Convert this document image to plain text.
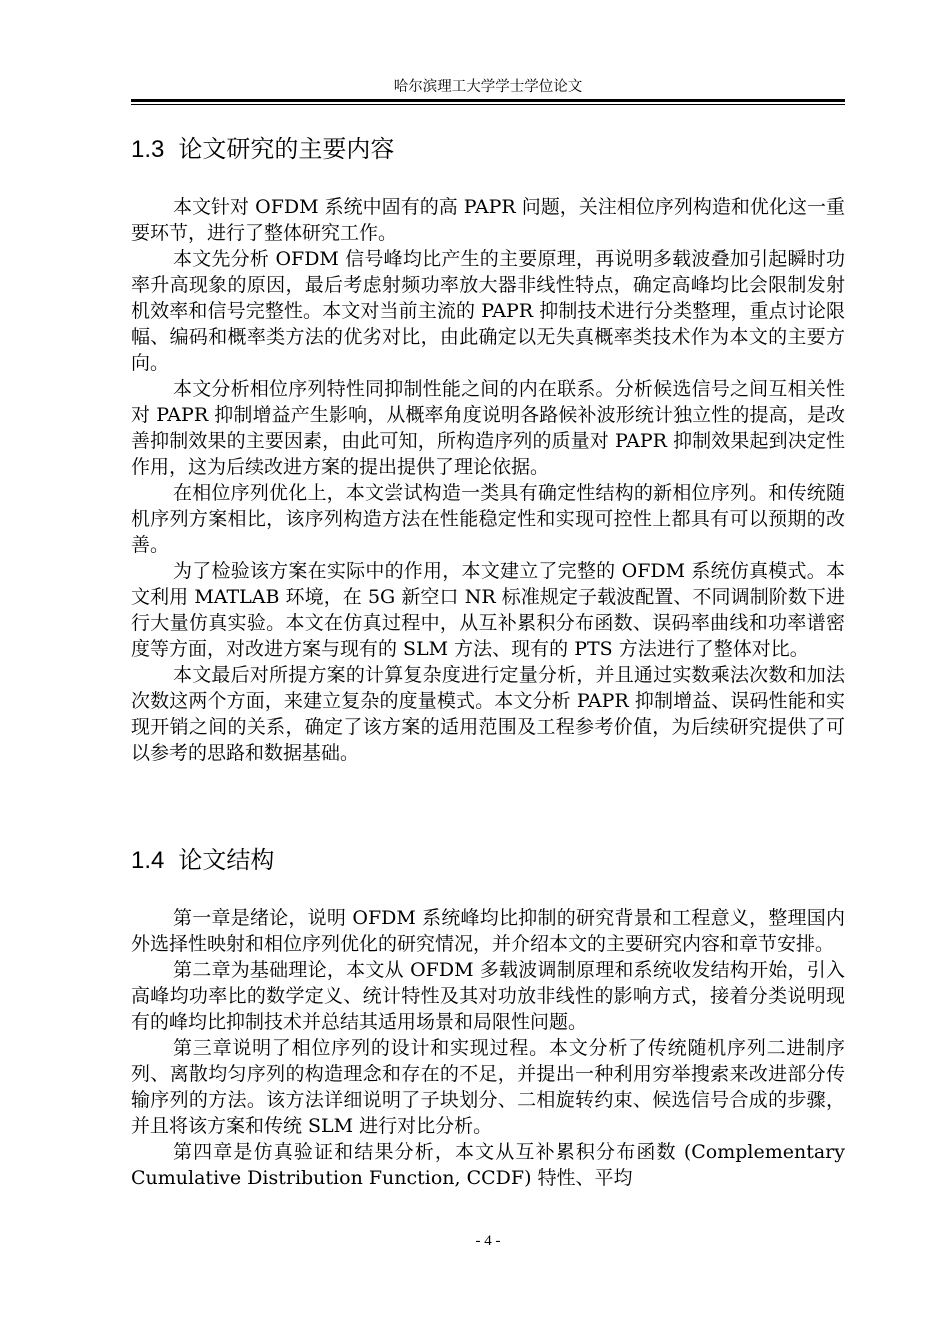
哈尔滨理工大学学士学位论文
1.3 论文研究的主要内容

本文针对 OFDM 系统中固有的高 PAPR 问题，关注相位序列构造和优化这一重要环节，进行了整体研究工作。

本文先分析 OFDM 信号峰均比产生的主要原理，再说明多载波叠加引起瞬时功率升高现象的原因，最后考虑射频功率放大器非线性特点，确定高峰均比会限制发射机效率和信号完整性。本文对当前主流的 PAPR 抑制技术进行分类整理，重点讨论限幅、编码和概率类方法的优劣对比，由此确定以无失真概率类技术作为本文的主要方向。

本文分析相位序列特性同抑制性能之间的内在联系。分析候选信号之间互相关性对 PAPR 抑制增益产生影响，从概率角度说明各路候补波形统计独立性的提高，是改善抑制效果的主要因素，由此可知，所构造序列的质量对 PAPR 抑制效果起到决定性作用，这为后续改进方案的提出提供了理论依据。

在相位序列优化上，本文尝试构造一类具有确定性结构的新相位序列。和传统随机序列方案相比，该序列构造方法在性能稳定性和实现可控性上都具有可以预期的改善。

为了检验该方案在实际中的作用，本文建立了完整的 OFDM 系统仿真模式。本文利用 MATLAB 环境，在 5G 新空口 NR 标准规定子载波配置、不同调制阶数下进行大量仿真实验。本文在仿真过程中，从互补累积分布函数、误码率曲线和功率谱密度等方面，对改进方案与现有的 SLM 方法、现有的 PTS 方法进行了整体对比。

本文最后对所提方案的计算复杂度进行定量分析，并且通过实数乘法次数和加法次数这两个方面，来建立复杂的度量模式。本文分析 PAPR 抑制增益、误码性能和实现开销之间的关系，确定了该方案的适用范围及工程参考价值，为后续研究提供了可以参考的思路和数据基础。

1.4 论文结构

第一章是绪论，说明 OFDM 系统峰均比抑制的研究背景和工程意义，整理国内外选择性映射和相位序列优化的研究情况，并介绍本文的主要研究内容和章节安排。

第二章为基础理论，本文从 OFDM 多载波调制原理和系统收发结构开始，引入高峰均功率比的数学定义、统计特性及其对功放非线性的影响方式，接着分类说明现有的峰均比抑制技术并总结其适用场景和局限性问题。

第三章说明了相位序列的设计和实现过程。本文分析了传统随机序列二进制序列、离散均匀序列的构造理念和存在的不足，并提出一种利用穷举搜索来改进部分传输序列的方法。该方法详细说明了子块划分、二相旋转约束、候选信号合成的步骤，并且将该方案和传统 SLM 进行对比分析。

第四章是仿真验证和结果分析，本文从互补累积分布函数 (Complementary Cumulative Distribution Function, CCDF) 特性、平均

- 4 -
